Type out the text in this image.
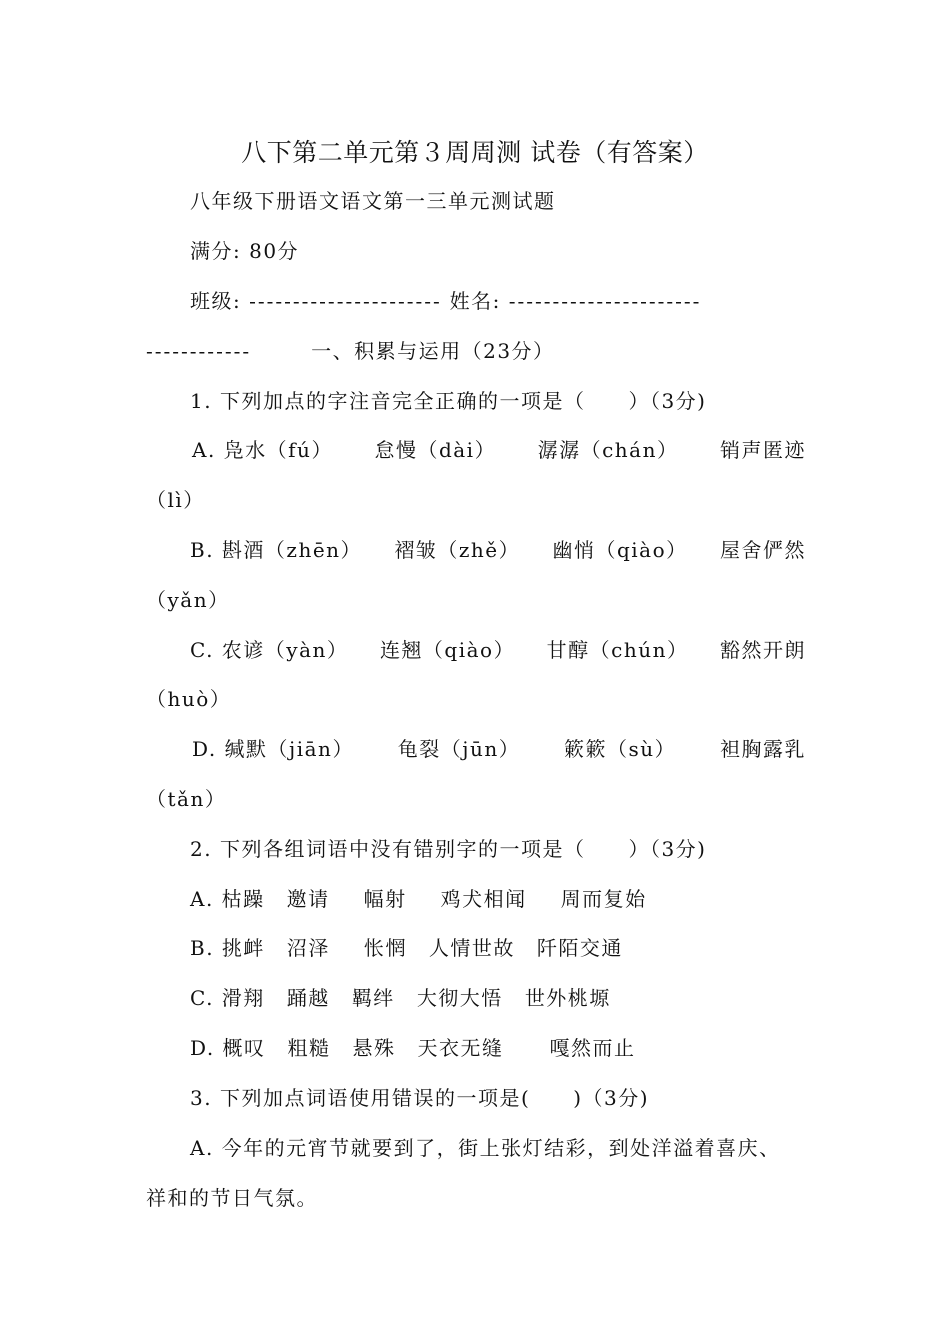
八下第二单元第３周周测 试卷（有答案）
八年级下册语文语文第一三单元测试题
满分: 80分
班级: ---------------------- 姓名: ----------------------
------------	一、积累与运用（23分）
1. 下列加点的字注音完全正确的一项是（　　）（3分)
A. 凫水（fú） 怠慢（dài） 潺潺（chán） 销声匿迹
（lì）
B. 斟酒（zhēn） 褶皱（zhě） 幽悄（qiào） 屋舍俨然
（yǎn）
C. 农谚（yàn） 连翘（qiào） 甘醇（chún） 豁然开朗
（huò）
D. 缄默（jiān） 龟裂（jūn） 簌簌（sù） 袒胸露乳
（tǎn）
2. 下列各组词语中没有错别字的一项是（　　）（3分)
A. 枯躁 邀请 幅射 鸡犬相闻 周而复始
B. 挑衅 沼泽 怅惘 人情世故 阡陌交通
C. 滑翔 踊越 羁绊 大彻大悟 世外桃塬
D. 概叹 粗糙 悬殊 天衣无缝 嘎然而止
3. 下列加点词语使用错误的一项是(　　)（3分)
A. 今年的元宵节就要到了，街上张灯结彩，到处洋溢着喜庆、
祥和的节日气氛。
